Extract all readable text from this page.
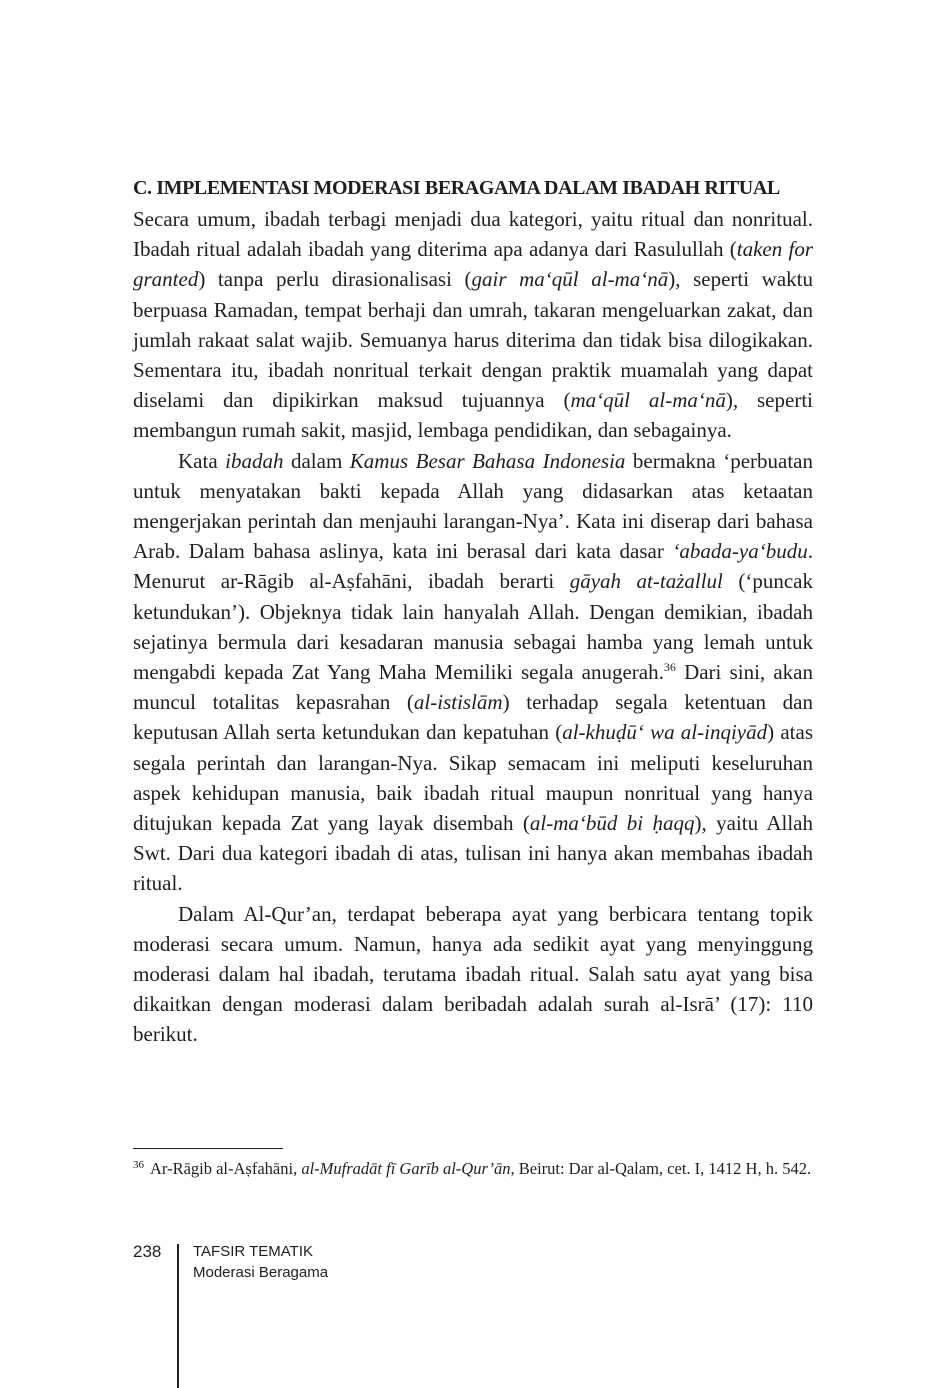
C. IMPLEMENTASI MODERASI BERAGAMA DALAM IBADAH RITUAL

Secara umum, ibadah terbagi menjadi dua kategori, yaitu ritual dan nonritual. Ibadah ritual adalah ibadah yang diterima apa adanya dari Rasulullah (taken for granted) tanpa perlu dirasionalisasi (gair ma‘qūl al-ma‘nā), seperti waktu berpuasa Ramadan, tempat berhaji dan umrah, takaran mengeluarkan zakat, dan jumlah rakaat salat wajib. Semuanya harus diterima dan tidak bisa dilogikakan. Sementara itu, ibadah nonritual terkait dengan praktik muamalah yang dapat diselami dan dipikirkan maksud tujuannya (ma‘qūl al-ma‘nā), seperti membangun rumah sakit, masjid, lembaga pendidikan, dan sebagainya.

Kata ibadah dalam Kamus Besar Bahasa Indonesia bermakna ‘perbuatan untuk menyatakan bakti kepada Allah yang didasarkan atas ketaatan mengerjakan perintah dan menjauhi larangan-Nya’. Kata ini diserap dari bahasa Arab. Dalam bahasa aslinya, kata ini berasal dari kata dasar ‘abada-ya‘budu. Menurut ar-Rāgib al-Aṣfahāni, ibadah berarti gāyah at-tażallul (‘puncak ketundukan’). Objeknya tidak lain hanyalah Allah. Dengan demikian, ibadah sejatinya bermula dari kesadaran manusia sebagai hamba yang lemah untuk mengabdi kepada Zat Yang Maha Memiliki segala anugerah.$^{36}$ Dari sini, akan muncul totalitas kepasrahan (al-istislām) terhadap segala ketentuan dan keputusan Allah serta ketundukan dan kepatuhan (al-khuḍū‘ wa al-inqiyād) atas segala perintah dan larangan-Nya. Sikap semacam ini meliputi keseluruhan aspek kehidupan manusia, baik ibadah ritual maupun nonritual yang hanya ditujukan kepada Zat yang layak disembah (al-ma‘būd bi ḥaqq), yaitu Allah Swt. Dari dua kategori ibadah di atas, tulisan ini hanya akan membahas ibadah ritual.

Dalam Al-Qur’an, terdapat beberapa ayat yang berbicara tentang topik moderasi secara umum. Namun, hanya ada sedikit ayat yang menyinggung moderasi dalam hal ibadah, terutama ibadah ritual. Salah satu ayat yang bisa dikaitkan dengan moderasi dalam beribadah adalah surah al-Isrā’ (17): 110 berikut.

$^{36}$ Ar-Rāgib al-Aṣfahāni, al-Mufradāt fī Garīb al-Qur’ān, Beirut: Dar al-Qalam, cet. I, 1412 H, h. 542.
238 TAFSIR TEMATIK
Moderasi Beragama
